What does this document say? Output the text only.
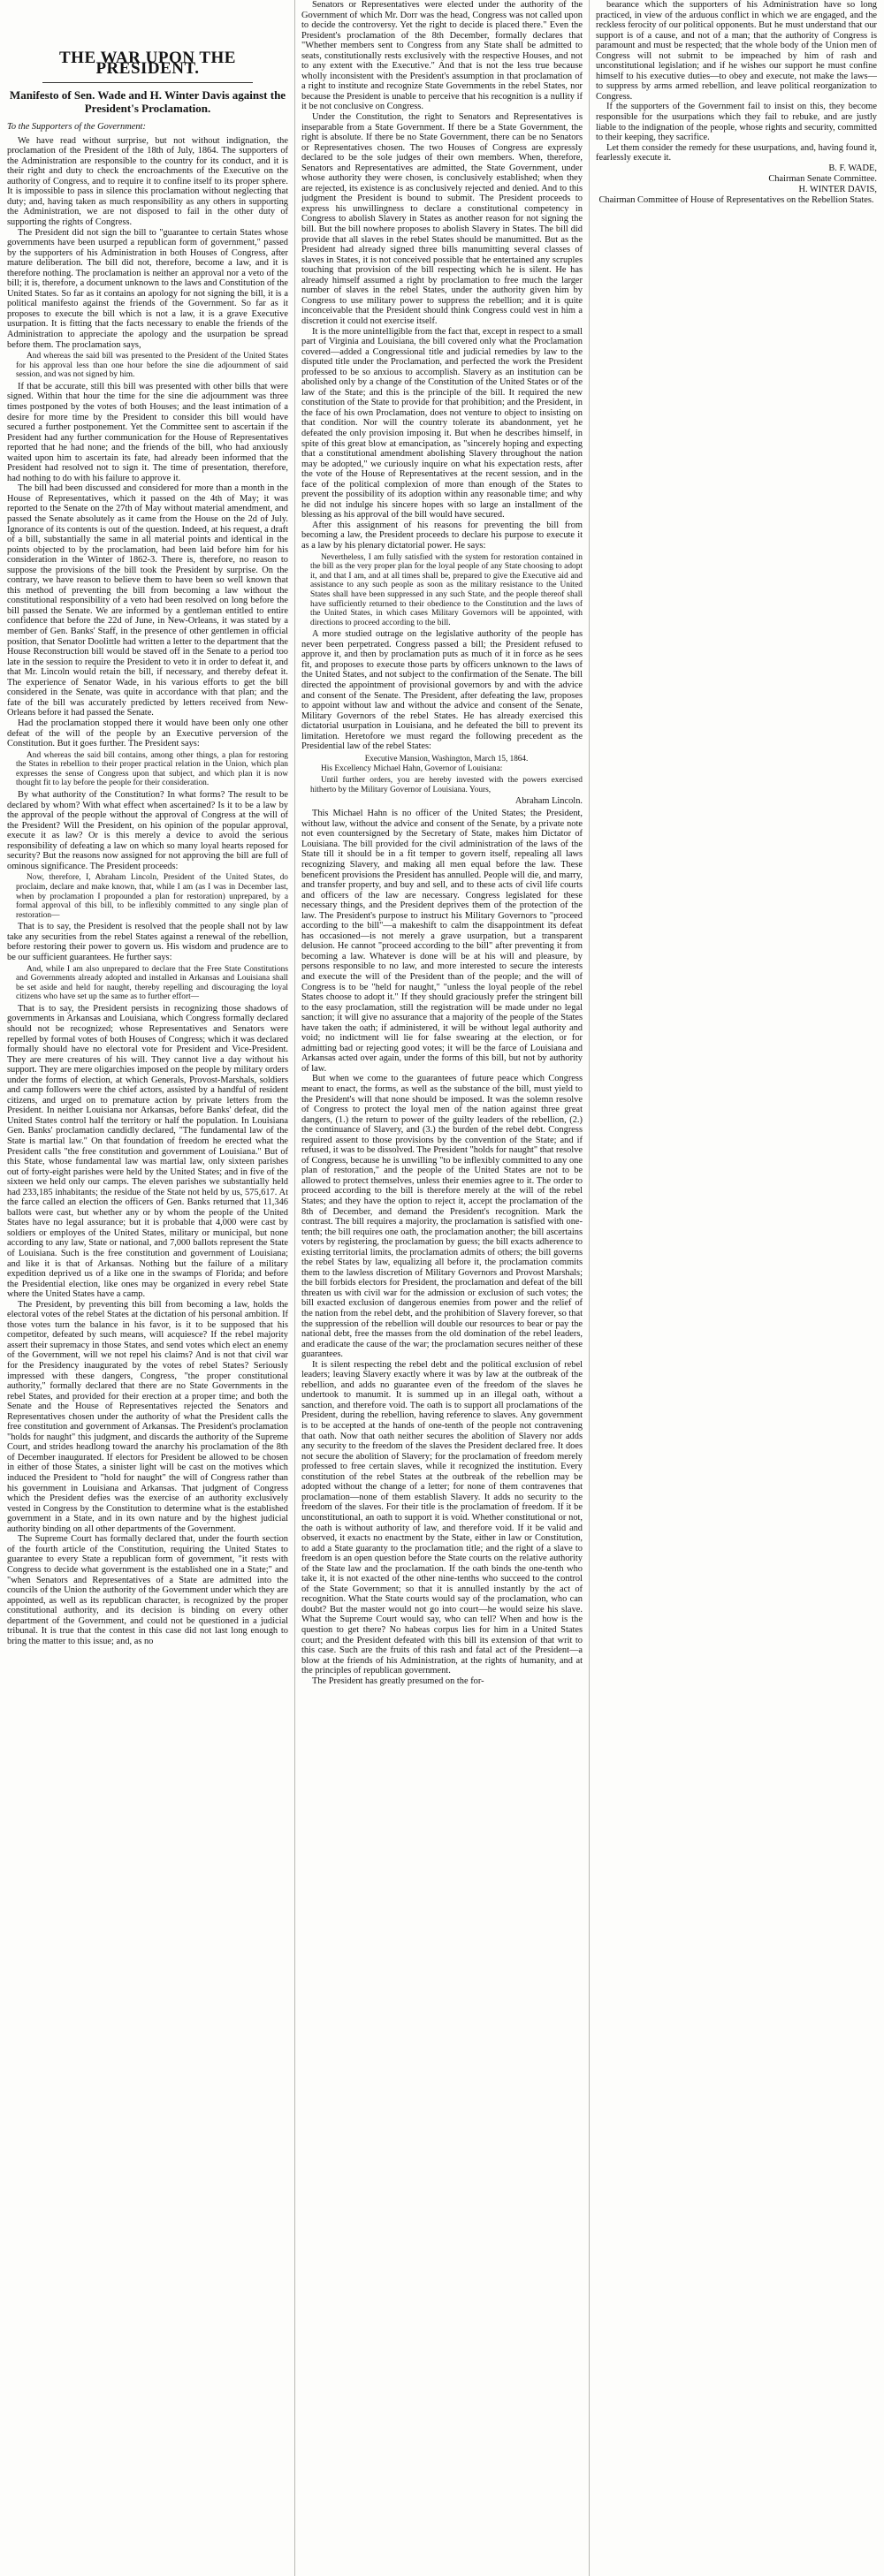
THE WAR UPON THE PRESIDENT.
Manifesto of Sen. Wade and H. Winter Davis against the President's Proclamation.

To the Supporters of the Government:

We have read without surprise, but not without indignation, the proclamation of the President of the 18th of July, 1864. The supporters of the Administration are responsible to the country for its conduct, and it is their right and duty to check the encroachments of the Executive on the authority of Congress, and to require it to confine itself to its proper sphere. It is impossible to pass in silence this proclamation without neglecting that duty; and, having taken as much responsibility as any others in supporting the Administration, we are not disposed to fail in the other duty of supporting the rights of Congress.

The President did not sign the bill to "guarantee to certain States whose governments have been usurped a republican form of government," passed by the supporters of his Administration in both Houses of Congress, after mature deliberation. The bill did not, therefore, become a law, and it is therefore nothing. The proclamation is neither an approval nor a veto of the bill; it is, therefore, a document unknown to the laws and Constitution of the United States. So far as it contains an apology for not signing the bill, it is a political manifesto against the friends of the Government. So far as it proposes to execute the bill which is not a law, it is a grave Executive usurpation. It is fitting that the facts necessary to enable the friends of the Administration to appreciate the apology and the usurpation be spread before them. The proclamation says,

And whereas the said bill was presented to the President of the United States for his approval less than one hour before the sine die adjournment of said session, and was not signed by him.

If that be accurate, still this bill was presented with other bills that were signed. Within that hour the time for the sine die adjournment was three times postponed by the votes of both Houses; and the least intimation of a desire for more time by the President to consider this bill would have secured a further postponement. Yet the Committee sent to ascertain if the President had any further communication for the House of Representatives reported that he had none; and the friends of the bill, who had anxiously waited upon him to ascertain its fate, had already been informed that the President had resolved not to sign it. The time of presentation, therefore, had nothing to do with his failure to approve it.

The bill had been discussed and considered for more than a month in the House of Representatives, which it passed on the 4th of May; it was reported to the Senate on the 27th of May without material amendment, and passed the Senate absolutely as it came from the House on the 2d of July. Ignorance of its contents is out of the question. Indeed, at his request, a draft of a bill, substantially the same in all material points and identical in the points objected to by the proclamation, had been laid before him for his consideration in the Winter of 1862-3. There is, therefore, no reason to suppose the provisions of the bill took the President by surprise. On the contrary, we have reason to believe them to have been so well known that this method of preventing the bill from becoming a law without the constitutional responsibility of a veto had been resolved on long before the bill passed the Senate. We are informed by a gentleman entitled to entire confidence that before the 22d of June, in New-Orleans, it was stated by a member of Gen. Banks' Staff, in the presence of other gentlemen in official position, that Senator Doolittle had written a letter to the department that the House Reconstruction bill would be staved off in the Senate to a period too late in the session to require the President to veto it in order to defeat it, and that Mr. Lincoln would retain the bill, if necessary, and thereby defeat it. The experience of Senator Wade, in his various efforts to get the bill considered in the Senate, was quite in accordance with that plan; and the fate of the bill was accurately predicted by letters received from New-Orleans before it had passed the Senate.

Had the proclamation stopped there it would have been only one other defeat of the will of the people by an Executive perversion of the Constitution. But it goes further. The President says:

And whereas the said bill contains, among other things, a plan for restoring the States in rebellion to their proper practical relation in the Union, which plan expresses the sense of Congress upon that subject, and which plan it is now thought fit to lay before the people for their consideration.

By what authority of the Constitution? In what forms? The result to be declared by whom? With what effect when ascertained? Is it to be a law by the approval of the people without the approval of Congress at the will of the President? Will the President, on his opinion of the popular approval, execute it as law? Or is this merely a device to avoid the serious responsibility of defeating a law on which so many loyal hearts reposed for security? But the reasons now assigned for not approving the bill are full of ominous significance. The President proceeds:

Now, therefore, I, Abraham Lincoln, President of the United States, do proclaim, declare and make known, that, while I am (as I was in December last, when by proclamation I propounded a plan for restoration) unprepared, by a formal approval of this bill, to be inflexibly committed to any single plan of restoration—

That is to say, the President is resolved that the people shall not by law take any securities from the rebel States against a renewal of the rebellion, before restoring their power to govern us. His wisdom and prudence are to be our sufficient guarantees. He further says:

And, while I am also unprepared to declare that the Free State Constitutions and Governments already adopted and installed in Arkansas and Louisiana shall be set aside and held for naught, thereby repelling and discouraging the loyal citizens who have set up the same as to further effort—

That is to say, the President persists in recognizing those shadows of governments in Arkansas and Louisiana, which Congress formally declared should not be recognized; whose Representatives and Senators were repelled by formal votes of both Houses of Congress; which it was declared formally should have no electoral vote for President and Vice-President. They are mere creatures of his will. They cannot live a day without his support. They are mere oligarchies imposed on the people by military orders under the forms of election, at which Generals, Provost-Marshals, soldiers and camp followers were the chief actors, assisted by a handful of resident citizens, and urged on to premature action by private letters from the President. In neither Louisiana nor Arkansas, before Banks' defeat, did the United States control half the territory or half the population. In Louisiana Gen. Banks' proclamation candidly declared, "The fundamental law of the State is martial law." On that foundation of freedom he erected what the President calls "the free constitution and government of Louisiana." But of this State, whose fundamental law was martial law, only sixteen parishes out of forty-eight parishes were held by the United States; and in five of the sixteen we held only our camps. The eleven parishes we substantially held had 233,185 inhabitants; the residue of the State not held by us, 575,617. At the farce called an election the officers of Gen. Banks returned that 11,346 ballots were cast, but whether any or by whom the people of the United States have no legal assurance; but it is probable that 4,000 were cast by soldiers or employes of the United States, military or municipal, but none according to any law, State or national, and 7,000 ballots represent the State of Louisiana. Such is the free constitution and government of Louisiana; and like it is that of Arkansas. Nothing but the failure of a military expedition deprived us of a like one in the swamps of Florida; and before the Presidential election, like ones may be organized in every rebel State where the United States have a camp.

The President, by preventing this bill from becoming a law, holds the electoral votes of the rebel States at the dictation of his personal ambition. If those votes turn the balance in his favor, is it to be supposed that his competitor, defeated by such means, will acquiesce? If the rebel majority assert their supremacy in those States, and send votes which elect an enemy of the Government, will we not repel his claims? And is not that civil war for the Presidency inaugurated by the votes of rebel States? Seriously impressed with these dangers, Congress, "the proper constitutional authority," formally declared that there are no State Governments in the rebel States, and provided for their erection at a proper time; and both the Senate and the House of Representatives rejected the Senators and Representatives chosen under the authority of what the President calls the free constitution and government of Arkansas. The President's proclamation "holds for naught" this judgment, and discards the authority of the Supreme Court, and strides headlong toward the anarchy his proclamation of the 8th of December inaugurated. If electors for President be allowed to be chosen in either of those States, a sinister light will be cast on the motives which induced the President to "hold for naught" the will of Congress rather than his government in Louisiana and Arkansas. That judgment of Congress which the President defies was the exercise of an authority exclusively vested in Congress by the Constitution to determine what is the established government in a State, and in its own nature and by the highest judicial authority binding on all other departments of the Government.

The Supreme Court has formally declared that, under the fourth section of the fourth article of the Constitution, requiring the United States to guarantee to every State a republican form of government, "it rests with Congress to decide what government is the established one in a State;" and "when Senators and Representatives of a State are admitted into the councils of the Union the authority of the Government under which they are appointed, as well as its republican character, is recognized by the proper constitutional authority, and its decision is binding on every other department of the Government, and could not be questioned in a judicial tribunal. It is true that the contest in this case did not last long enough to bring the matter to this issue; and, as no

Senators or Representatives were elected under the authority of the Government of which Mr. Dorr was the head, Congress was not called upon to decide the controversy. Yet the right to decide is placed there." Even the President's proclamation of the 8th December, formally declares that "Whether members sent to Congress from any State shall be admitted to seats, constitutionally rests exclusively with the respective Houses, and not to any extent with the Executive." And that is not the less true because wholly inconsistent with the President's assumption in that proclamation of a right to institute and recognize State Governments in the rebel States, nor because the President is unable to perceive that his recognition is a nullity if it be not conclusive on Congress.

Under the Constitution, the right to Senators and Representatives is inseparable from a State Government. If there be a State Government, the right is absolute. If there be no State Government, there can be no Senators or Representatives chosen. The two Houses of Congress are expressly declared to be the sole judges of their own members. When, therefore, Senators and Representatives are admitted, the State Government, under whose authority they were chosen, is conclusively established; when they are rejected, its existence is as conclusively rejected and denied. And to this judgment the President is bound to submit. The President proceeds to express his unwillingness to declare a constitutional competency in Congress to abolish Slavery in States as another reason for not signing the bill. But the bill nowhere proposes to abolish Slavery in States. The bill did provide that all slaves in the rebel States should be manumitted. But as the President had already signed three bills manumitting several classes of slaves in States, it is not conceived possible that he entertained any scruples touching that provision of the bill respecting which he is silent. He has already himself assumed a right by proclamation to free much the larger number of slaves in the rebel States, under the authority given him by Congress to use military power to suppress the rebellion; and it is quite inconceivable that the President should think Congress could vest in him a discretion it could not exercise itself.

It is the more unintelligible from the fact that, except in respect to a small part of Virginia and Louisiana, the bill covered only what the Proclamation covered—added a Congressional title and judicial remedies by law to the disputed title under the Proclamation, and perfected the work the President professed to be so anxious to accomplish. Slavery as an institution can be abolished only by a change of the Constitution of the United States or of the law of the State; and this is the principle of the bill. It required the new constitution of the State to provide for that prohibition; and the President, in the face of his own Proclamation, does not venture to object to insisting on that condition. Nor will the country tolerate its abandonment, yet he defeated the only provision imposing it. But when he describes himself, in spite of this great blow at emancipation, as "sincerely hoping and expecting that a constitutional amendment abolishing Slavery throughout the nation may be adopted," we curiously inquire on what his expectation rests, after the vote of the House of Representatives at the recent session, and in the face of the political complexion of more than enough of the States to prevent the possibility of its adoption within any reasonable time; and why he did not indulge his sincere hopes with so large an installment of the blessing as his approval of the bill would have secured.

After this assignment of his reasons for preventing the bill from becoming a law, the President proceeds to declare his purpose to execute it as a law by his plenary dictatorial power. He says:

Nevertheless, I am fully satisfied with the system for restoration contained in the bill as the very proper plan for the loyal people of any State choosing to adopt it, and that I am, and at all times shall be, prepared to give the Executive aid and assistance to any such people as soon as the military resistance to the United States shall have been suppressed in any such State, and the people thereof shall have sufficiently returned to their obedience to the Constitution and the laws of the United States, in which cases Military Governors will be appointed, with directions to proceed according to the bill.

A more studied outrage on the legislative authority of the people has never been perpetrated. Congress passed a bill; the President refused to approve it, and then by proclamation puts as much of it in force as he sees fit, and proposes to execute those parts by officers unknown to the laws of the United States, and not subject to the confirmation of the Senate. The bill directed the appointment of provisional governors by and with the advice and consent of the Senate. The President, after defeating the law, proposes to appoint without law and without the advice and consent of the Senate, Military Governors of the rebel States. He has already exercised this dictatorial usurpation in Louisiana, and he defeated the bill to prevent its limitation. Heretofore we must regard the following precedent as the Presidential law of the rebel States:

Executive Mansion, Washington, March 15, 1864.

His Excellency Michael Hahn, Governor of Louisiana:

Until further orders, you are hereby invested with the powers exercised hitherto by the Military Governor of Louisiana. Yours,

Abraham Lincoln.

This Michael Hahn is no officer of the United States; the President, without law, without the advice and consent of the Senate, by a private note not even countersigned by the Secretary of State, makes him Dictator of Louisiana. The bill provided for the civil administration of the laws of the State till it should be in a fit temper to govern itself, repealing all laws recognizing Slavery, and making all men equal before the law. These beneficent provisions the President has annulled. People will die, and marry, and transfer property, and buy and sell, and to these acts of civil life courts and officers of the law are necessary. Congress legislated for these necessary things, and the President deprives them of the protection of the law. The President's purpose to instruct his Military Governors to "proceed according to the bill"—a makeshift to calm the disappointment its defeat has occasioned—is not merely a grave usurpation, but a transparent delusion. He cannot "proceed according to the bill" after preventing it from becoming a law. Whatever is done will be at his will and pleasure, by persons responsible to no law, and more interested to secure the interests and execute the will of the President than of the people; and the will of Congress is to be "held for naught," "unless the loyal people of the rebel States choose to adopt it." If they should graciously prefer the stringent bill to the easy proclamation, still the registration will be made under no legal sanction; it will give no assurance that a majority of the people of the States have taken the oath; if administered, it will be without legal authority and void; no indictment will lie for false swearing at the election, or for admitting bad or rejecting good votes; it will be the farce of Louisiana and Arkansas acted over again, under the forms of this bill, but not by authority of law.

But when we come to the guarantees of future peace which Congress meant to enact, the forms, as well as the substance of the bill, must yield to the President's will that none should be imposed. It was the solemn resolve of Congress to protect the loyal men of the nation against three great dangers, (1.) the return to power of the guilty leaders of the rebellion, (2.) the continuance of Slavery, and (3.) the burden of the rebel debt. Congress required assent to those provisions by the convention of the State; and if refused, it was to be dissolved. The President "holds for naught" that resolve of Congress, because he is unwilling "to be inflexibly committed to any one plan of restoration," and the people of the United States are not to be allowed to protect themselves, unless their enemies agree to it. The order to proceed according to the bill is therefore merely at the will of the rebel States; and they have the option to reject it, accept the proclamation of the 8th of December, and demand the President's recognition. Mark the contrast. The bill requires a majority, the proclamation is satisfied with one-tenth; the bill requires one oath, the proclamation another; the bill ascertains voters by registering, the proclamation by guess; the bill exacts adherence to existing territorial limits, the proclamation admits of others; the bill governs the rebel States by law, equalizing all before it, the proclamation commits them to the lawless discretion of Military Governors and Provost Marshals; the bill forbids electors for President, the proclamation and defeat of the bill threaten us with civil war for the admission or exclusion of such votes; the bill exacted exclusion of dangerous enemies from power and the relief of the nation from the rebel debt, and the prohibition of Slavery forever, so that the suppression of the rebellion will double our resources to bear or pay the national debt, free the masses from the old domination of the rebel leaders, and eradicate the cause of the war; the proclamation secures neither of these guarantees.

It is silent respecting the rebel debt and the political exclusion of rebel leaders; leaving Slavery exactly where it was by law at the outbreak of the rebellion, and adds no guarantee even of the freedom of the slaves he undertook to manumit. It is summed up in an illegal oath, without a sanction, and therefore void. The oath is to support all proclamations of the President, during the rebellion, having reference to slaves. Any government is to be accepted at the hands of one-tenth of the people not contravening that oath. Now that oath neither secures the abolition of Slavery nor adds any security to the freedom of the slaves the President declared free. It does not secure the abolition of Slavery; for the proclamation of freedom merely professed to free certain slaves, while it recognized the institution. Every constitution of the rebel States at the outbreak of the rebellion may be adopted without the change of a letter; for none of them contravenes that proclamation—none of them establish Slavery. It adds no security to the freedom of the slaves. For their title is the proclamation of freedom. If it be unconstitutional, an oath to support it is void. Whether constitutional or not, the oath is without authority of law, and therefore void. If it be valid and observed, it exacts no enactment by the State, either in law or Constitution, to add a State guaranty to the proclamation title; and the right of a slave to freedom is an open question before the State courts on the relative authority of the State law and the proclamation. If the oath binds the one-tenth who take it, it is not exacted of the other nine-tenths who succeed to the control of the State Government; so that it is annulled instantly by the act of recognition. What the State courts would say of the proclamation, who can doubt? But the master would not go into court—he would seize his slave. What the Supreme Court would say, who can tell? When and how is the question to get there? No habeas corpus lies for him in a United States court; and the President defeated with this bill its extension of that writ to this case. Such are the fruits of this rash and fatal act of the President—a blow at the friends of his Administration, at the rights of humanity, and at the principles of republican government.

The President has greatly presumed on the for-

bearance which the supporters of his Administration have so long practiced, in view of the arduous conflict in which we are engaged, and the reckless ferocity of our political opponents. But he must understand that our support is of a cause, and not of a man; that the authority of Congress is paramount and must be respected; that the whole body of the Union men of Congress will not submit to be impeached by him of rash and unconstitutional legislation; and if he wishes our support he must confine himself to his executive duties—to obey and execute, not make the laws—to suppress by arms armed rebellion, and leave political reorganization to Congress.

If the supporters of the Government fail to insist on this, they become responsible for the usurpations which they fail to rebuke, and are justly liable to the indignation of the people, whose rights and security, committed to their keeping, they sacrifice.

Let them consider the remedy for these usurpations, and, having found it, fearlessly execute it.

B. F. WADE,

Chairman Senate Committee.

H. WINTER DAVIS,

Chairman Committee of House of Representatives on the Rebellion States.
